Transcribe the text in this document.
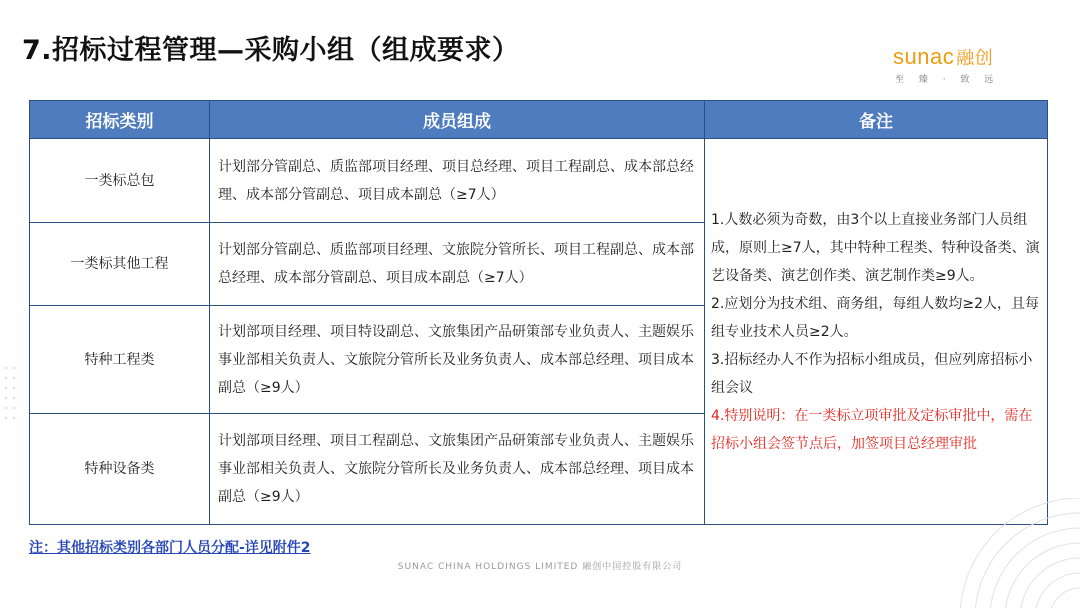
7.招标过程管理—采购小组（组成要求）	sunac 融创
至 臻 · 致 远
招标类别	成员组成	备注
一类标总包	计划部分管副总、质监部项目经理、项目总经理、项目工程副总、成本部总经理、成本部分管副总、项目成本副总（≥7人）	1.人数必须为奇数，由3个以上直接业务部门人员组成，原则上≥7人，其中特种工程类、特种设备类、演艺设备类、演艺创作类、演艺制作类≥9人。
2.应划分为技术组、商务组，每组人数均≥2人，且每组专业技术人员≥2人。
3.招标经办人不作为招标小组成员，但应列席招标小组会议
4.特别说明：在一类标立项审批及定标审批中，需在招标小组会签节点后，加签项目总经理审批

一类标其他工程	计划部分管副总、质监部项目经理、文旅院分管所长、项目工程副总、成本部总经理、成本部分管副总、项目成本副总（≥7人）	
特种工程类	计划部项目经理、项目特设副总、文旅集团产品研策部专业负责人、主题娱乐事业部相关负责人、文旅院分管所长及业务负责人、成本部总经理、项目成本副总（≥9人）	
特种设备类	计划部项目经理、项目工程副总、文旅集团产品研策部专业负责人、主题娱乐事业部相关负责人、文旅院分管所长及业务负责人、成本部总经理、项目成本副总（≥9人）	
注：其他招标类别各部门人员分配-详见附件2
SUNAC CHINA HOLDINGS LIMITED 融创中国控股有限公司
